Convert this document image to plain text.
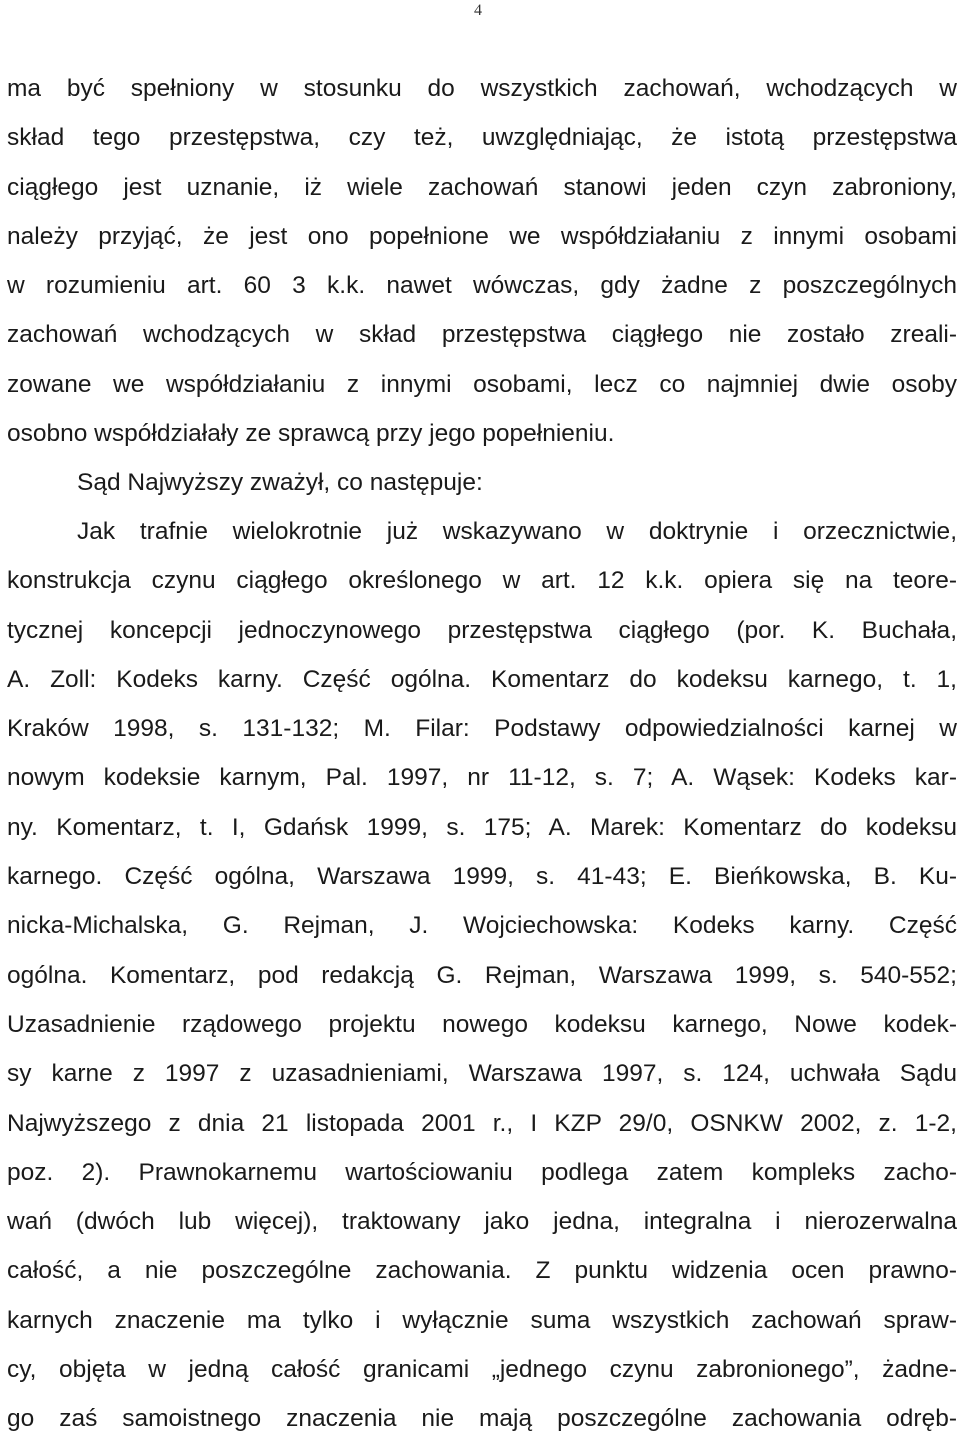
4
ma być spełniony w stosunku do wszystkich zachowań, wchodzących w
skład tego przestępstwa, czy też, uwzględniając, że istotą przestępstwa
ciągłego jest uznanie, iż wiele zachowań stanowi jeden czyn zabroniony,
należy przyjąć, że jest ono popełnione we współdziałaniu z innymi osobami
w rozumieniu art. 60 3 k.k. nawet wówczas, gdy żadne z poszczególnych
zachowań wchodzących w skład przestępstwa ciągłego nie zostało zreali-
zowane we współdziałaniu z innymi osobami, lecz co najmniej dwie osoby
osobno współdziałały ze sprawcą przy jego popełnieniu.
Sąd Najwyższy zważył, co następuje:
Jak trafnie wielokrotnie już wskazywano w doktrynie i orzecznictwie,
konstrukcja czynu ciągłego określonego w art. 12 k.k. opiera się na teore-
tycznej koncepcji jednoczynowego przestępstwa ciągłego (por. K. Buchała,
A. Zoll: Kodeks karny. Część ogólna. Komentarz do kodeksu karnego, t. 1,
Kraków 1998, s. 131-132; M. Filar: Podstawy odpowiedzialności karnej w
nowym kodeksie karnym, Pal. 1997, nr 11-12, s. 7; A. Wąsek: Kodeks kar-
ny. Komentarz, t. I, Gdańsk 1999, s. 175; A. Marek: Komentarz do kodeksu
karnego. Część ogólna, Warszawa 1999, s. 41-43; E. Bieńkowska, B. Ku-
nicka-Michalska, G. Rejman, J. Wojciechowska: Kodeks karny. Część
ogólna. Komentarz, pod redakcją G. Rejman, Warszawa 1999, s. 540-552;
Uzasadnienie rządowego projektu nowego kodeksu karnego, Nowe kodek-
sy karne z 1997 z uzasadnieniami, Warszawa 1997, s. 124, uchwała Sądu
Najwyższego z dnia 21 listopada 2001 r., I KZP 29/0, OSNKW 2002, z. 1-2,
poz. 2). Prawnokarnemu wartościowaniu podlega zatem kompleks zacho-
wań (dwóch lub więcej), traktowany jako jedna, integralna i nierozerwalna
całość, a nie poszczególne zachowania. Z punktu widzenia ocen prawno-
karnych znaczenie ma tylko i wyłącznie suma wszystkich zachowań spraw-
cy, objęta w jedną całość granicami „jednego czynu zabronionego”, żadne-
go zaś samoistnego znaczenia nie mają poszczególne zachowania odręb-
